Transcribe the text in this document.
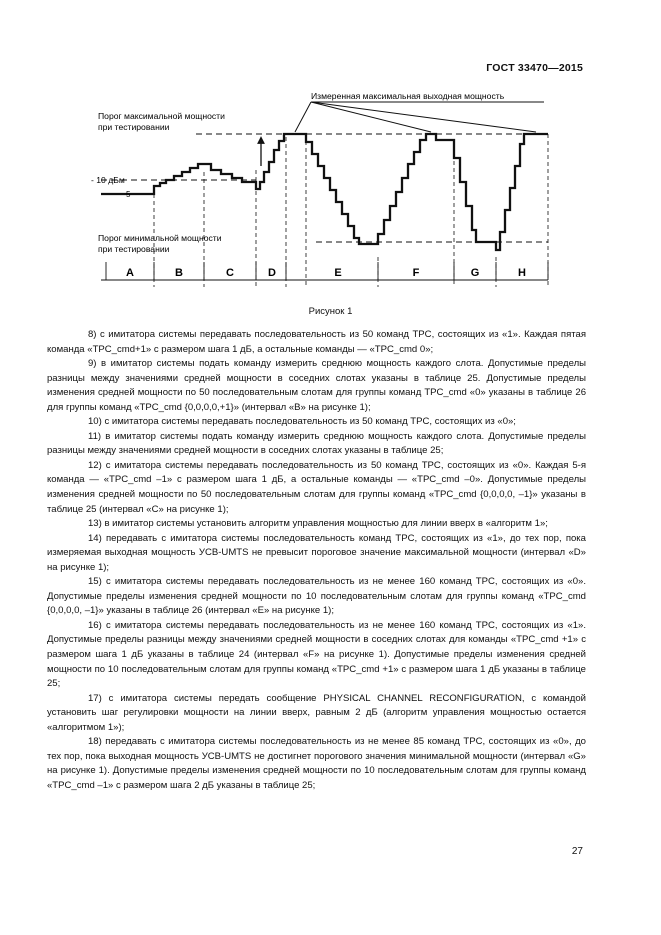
ГОСТ 33470—2015
Измеренная максимальная выходная мощность
Порог максимальной мощности
при тестировании
- 10 дБм
5
Порог минимальной мощности
при тестировании
A	B	C	D	E	F	G	H
Рисунок 1

8) с имитатора системы передавать последовательность из 50 команд TPC, состоящих из «1». Каждая пятая команда «TPC_cmd+1» с размером шага 1 дБ, а остальные команды — «TPC_cmd 0»;

9) в имитатор системы подать команду измерить среднюю мощность каждого слота. Допустимые пределы разницы между значениями средней мощности в соседних слотах указаны в таблице 25. Допустимые пределы изменения средней мощности по 50 последовательным слотам для группы команд TPC_cmd «0» указаны в таблице 26 для группы команд «TPC_cmd {0,0,0,0,+1}» (интервал «B» на рисунке 1);

10) с имитатора системы передавать последовательность из 50 команд TPC, состоящих из «0»;

11) в имитатор системы подать команду измерить среднюю мощность каждого слота. Допустимые пределы разницы между значениями средней мощности в соседних слотах указаны в таблице 25;

12) с имитатора системы передавать последовательность из 50 команд TPC, состоящих из «0». Каждая 5-я команда — «TPC_cmd –1» с размером шага 1 дБ, а остальные команды — «TPC_cmd –0». Допустимые пределы изменения средней мощности по 50 последовательным слотам для группы команд «TPC_cmd {0,0,0,0, –1}» указаны в таблице 25 (интервал «C» на рисунке 1);

13) в имитатор системы установить алгоритм управления мощностью для линии вверх в «алгоритм 1»;

14) передавать с имитатора системы последовательность команд TPC, состоящих из «1», до тех пор, пока измеряемая выходная мощность УСВ-UMTS не превысит пороговое значение максимальной мощности (интервал «D» на рисунке 1);

15) с имитатора системы передавать последовательность из не менее 160 команд TPC, состоящих из «0». Допустимые пределы изменения средней мощности по 10 последовательным слотам для группы команд «TPC_cmd {0,0,0,0, –1}» указаны в таблице 26 (интервал «E» на рисунке 1);

16) с имитатора системы передавать последовательность из не менее 160 команд TPC, состоящих из «1». Допустимые пределы разницы между значениями средней мощности в соседних слотах для команды «TPC_cmd +1» с размером шага 1 дБ указаны в таблице 24 (интервал «F» на рисунке 1). Допустимые пределы изменения средней мощности по 10 последовательным слотам для группы команд «TPC_cmd +1» с размером шага 1 дБ указаны в таблице 25;

17) с имитатора системы передать сообщение PHYSICAL CHANNEL RECONFIGURATION, с командой установить шаг регулировки мощности на линии вверх, равным 2 дБ (алгоритм управления мощностью остается «алгоритмом 1»);

18) передавать с имитатора системы последовательность из не менее 85 команд TPC, состоящих из «0», до тех пор, пока выходная мощность УСВ-UMTS не достигнет порогового значения минимальной мощности (интервал «G» на рисунке 1). Допустимые пределы изменения средней мощности по 10 последовательным слотам для группы команд «TPC_cmd –1» с размером шага 2 дБ указаны в таблице 25;

27
